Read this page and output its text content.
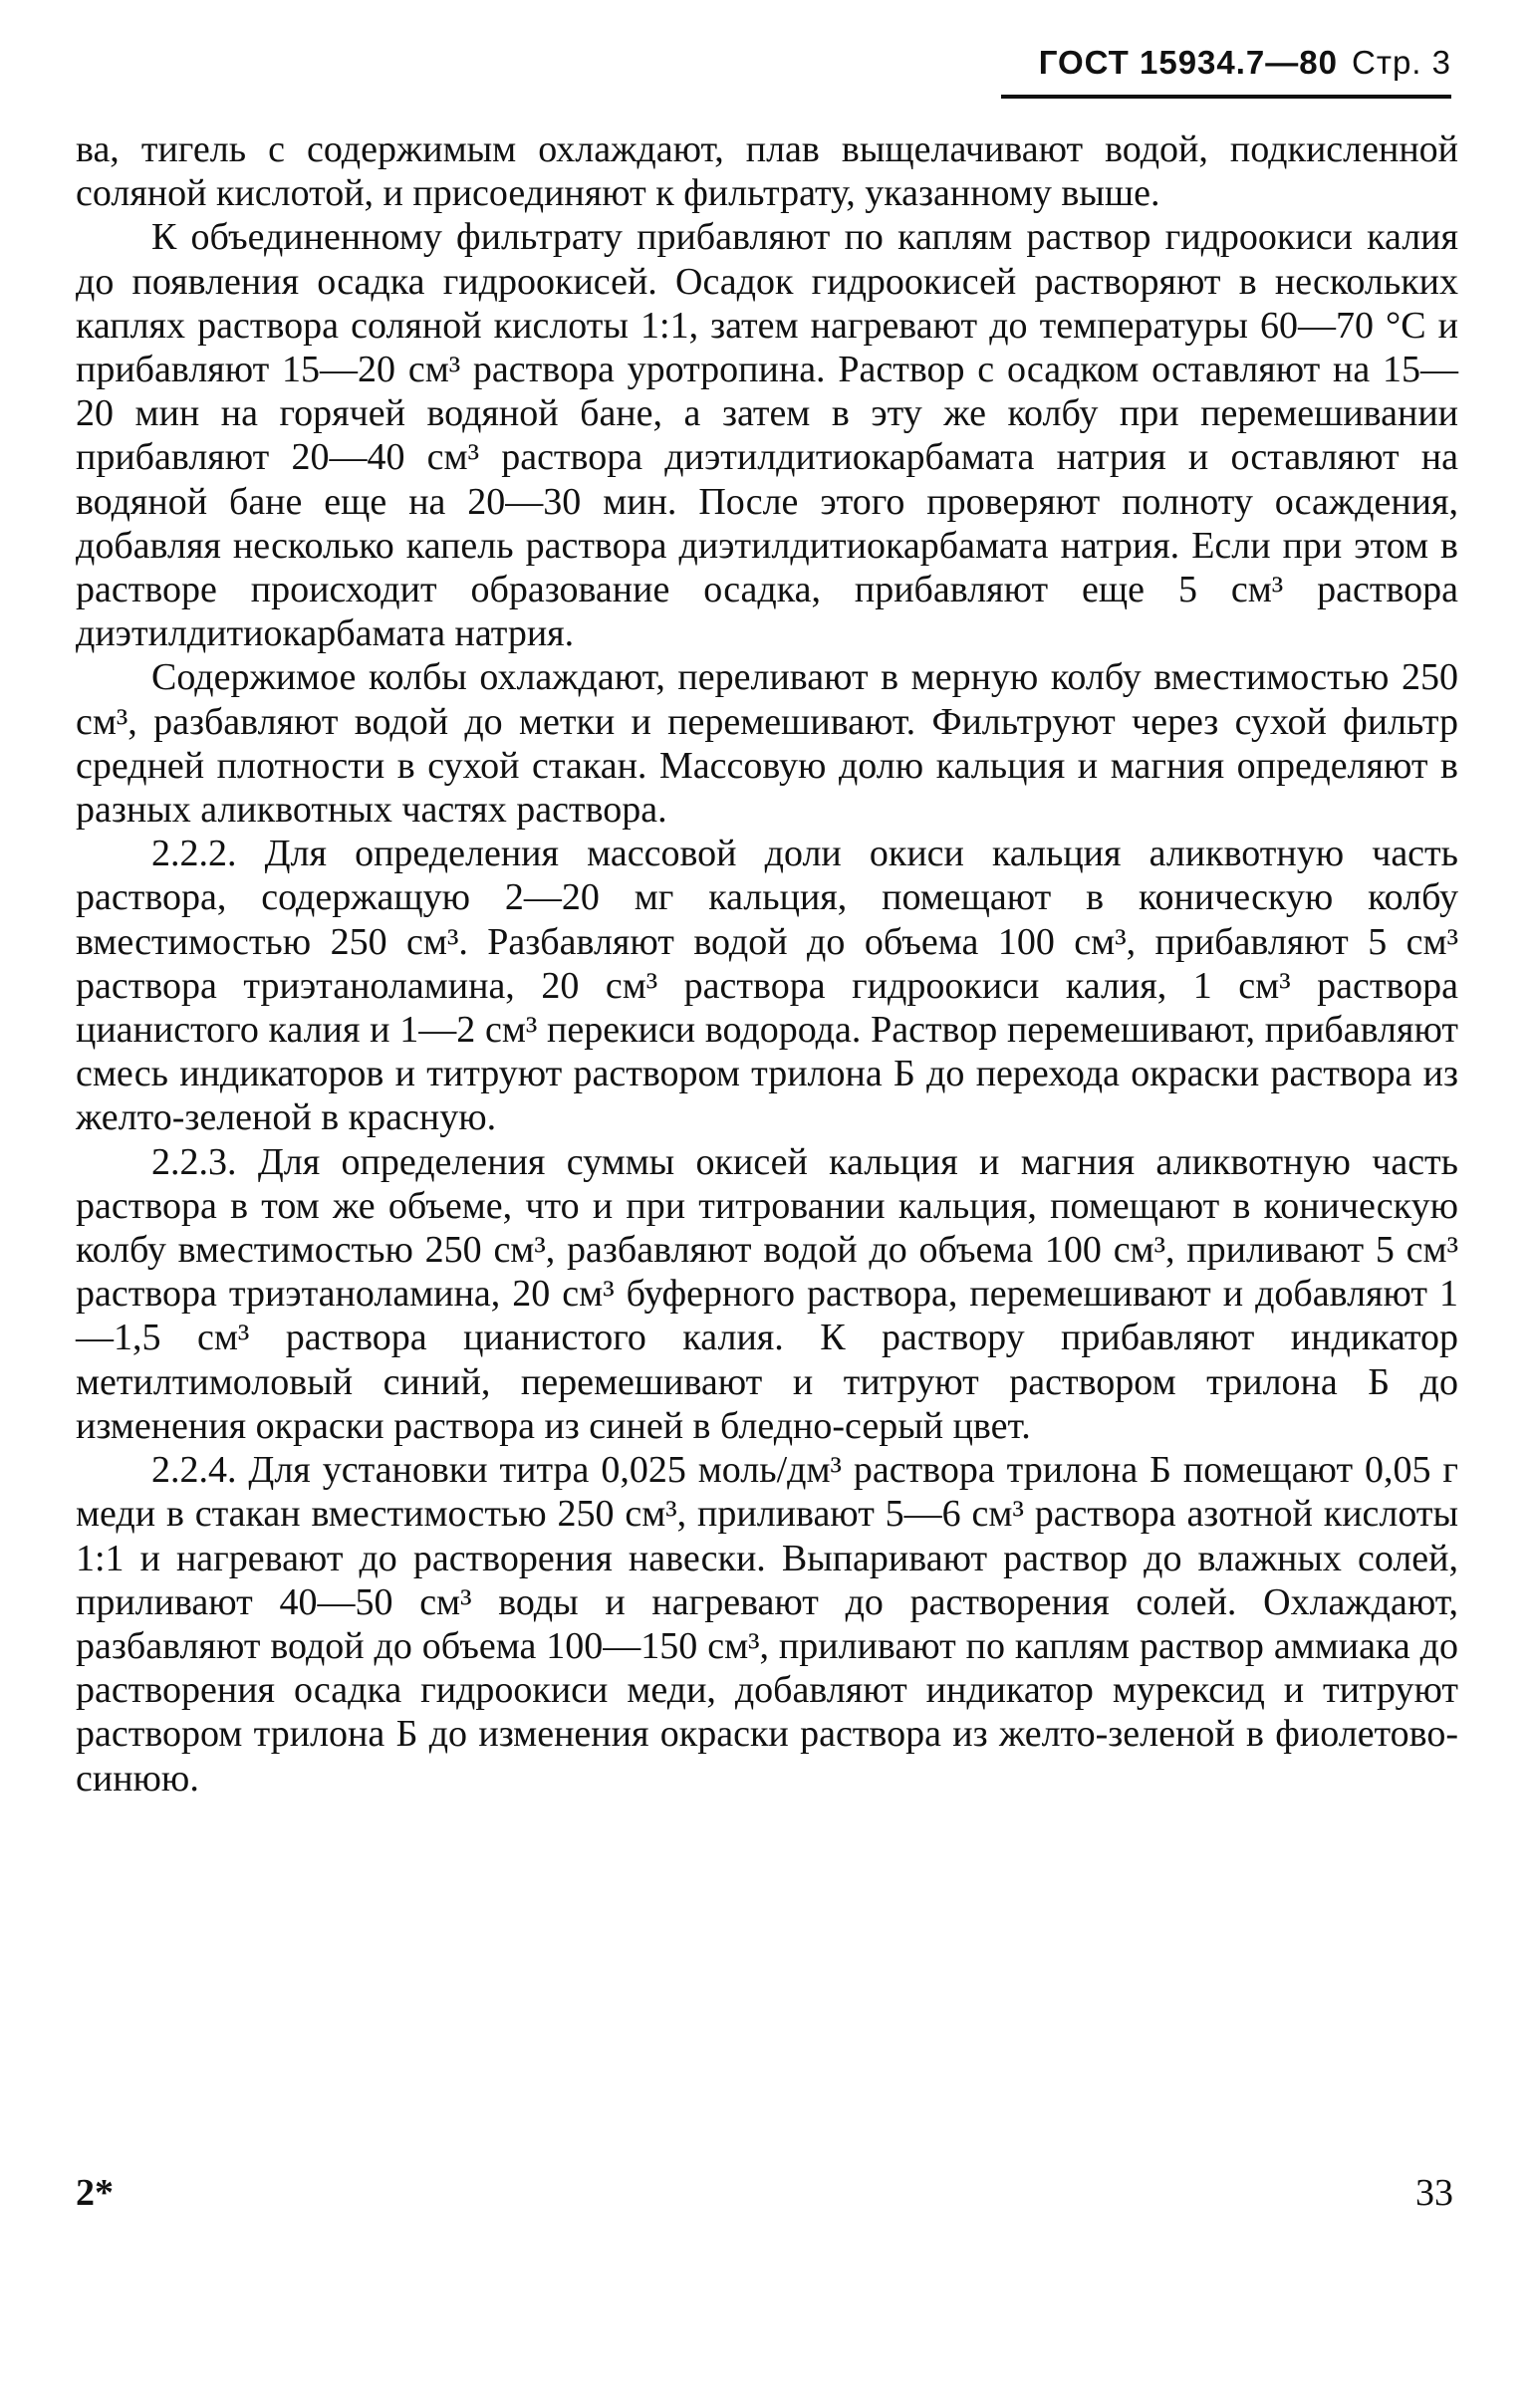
ГОСТ 15934.7—80 Стр. 3

ва, тигель с содержимым охлаждают, плав выщелачивают водой, подкисленной соляной кислотой, и присоединяют к фильтрату, указанному выше.

К объединенному фильтрату прибавляют по каплям раствор гидроокиси калия до появления осадка гидроокисей. Осадок гидроокисей растворяют в нескольких каплях раствора соляной кислоты 1:1, затем нагревают до температуры 60—70 °С и прибавляют 15—20 см³ раствора уротропина. Раствор с осадком оставляют на 15—20 мин на горячей водяной бане, а затем в эту же колбу при перемешивании прибавляют 20—40 см³ раствора диэтилдитиокарбамата натрия и оставляют на водяной бане еще на 20—30 мин. После этого проверяют полноту осаждения, добавляя несколько капель раствора диэтилдитиокарбамата натрия. Если при этом в растворе происходит образование осадка, прибавляют еще 5 см³ раствора диэтилдитиокарбамата натрия.

Содержимое колбы охлаждают, переливают в мерную колбу вместимостью 250 см³, разбавляют водой до метки и перемешивают. Фильтруют через сухой фильтр средней плотности в сухой стакан. Массовую долю кальция и магния определяют в разных аликвотных частях раствора.

2.2.2. Для определения массовой доли окиси кальция аликвотную часть раствора, содержащую 2—20 мг кальция, помещают в коническую колбу вместимостью 250 см³. Разбавляют водой до объема 100 см³, прибавляют 5 см³ раствора триэтаноламина, 20 см³ раствора гидроокиси калия, 1 см³ раствора цианистого калия и 1—2 см³ перекиси водорода. Раствор перемешивают, прибавляют смесь индикаторов и титруют раствором трилона Б до перехода окраски раствора из желто-зеленой в красную.

2.2.3. Для определения суммы окисей кальция и магния аликвотную часть раствора в том же объеме, что и при титровании кальция, помещают в коническую колбу вместимостью 250 см³, разбавляют водой до объема 100 см³, приливают 5 см³ раствора триэтаноламина, 20 см³ буферного раствора, перемешивают и добавляют 1—1,5 см³ раствора цианистого калия. К раствору прибавляют индикатор метилтимоловый синий, перемешивают и титруют раствором трилона Б до изменения окраски раствора из синей в бледно-серый цвет.

2.2.4. Для установки титра 0,025 моль/дм³ раствора трилона Б помещают 0,05 г меди в стакан вместимостью 250 см³, приливают 5—6 см³ раствора азотной кислоты 1:1 и нагревают до растворения навески. Выпаривают раствор до влажных солей, приливают 40—50 см³ воды и нагревают до растворения солей. Охлаждают, разбавляют водой до объема 100—150 см³, приливают по каплям раствор аммиака до растворения осадка гидроокиси меди, добавляют индикатор мурексид и титруют раствором трилона Б до изменения окраски раствора из желто-зеленой в фиолетово-синюю.

2*	33
